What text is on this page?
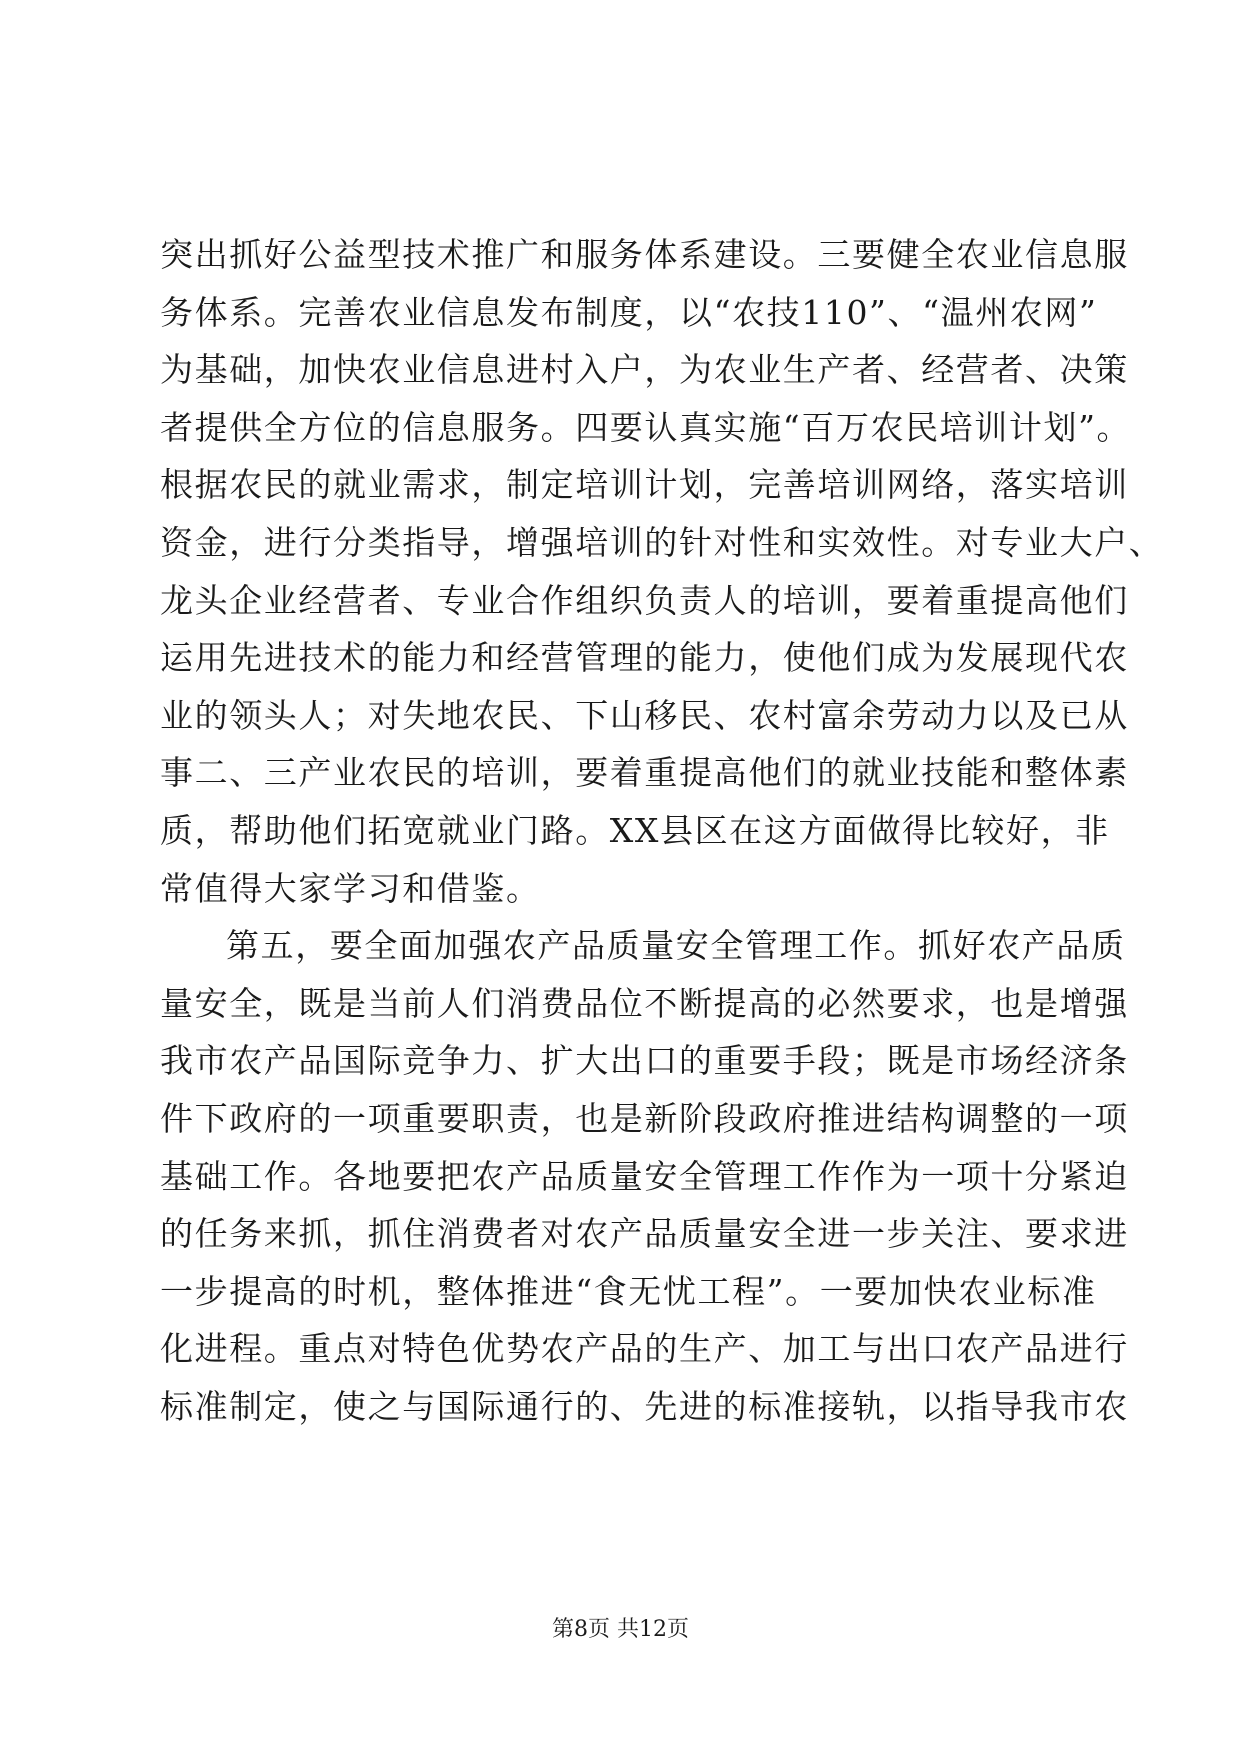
突出抓好公益型技术推广和服务体系建设。三要健全农业信息服
务体系。完善农业信息发布制度，以“农技110”、“温州农网”
为基础，加快农业信息进村入户，为农业生产者、经营者、决策
者提供全方位的信息服务。四要认真实施“百万农民培训计划”。
根据农民的就业需求，制定培训计划，完善培训网络，落实培训
资金，进行分类指导，增强培训的针对性和实效性。对专业大户、
龙头企业经营者、专业合作组织负责人的培训，要着重提高他们
运用先进技术的能力和经营管理的能力，使他们成为发展现代农
业的领头人；对失地农民、下山移民、农村富余劳动力以及已从
事二、三产业农民的培训，要着重提高他们的就业技能和整体素
质，帮助他们拓宽就业门路。XX县区在这方面做得比较好，非
常值得大家学习和借鉴。
第五，要全面加强农产品质量安全管理工作。抓好农产品质
量安全，既是当前人们消费品位不断提高的必然要求，也是增强
我市农产品国际竞争力、扩大出口的重要手段；既是市场经济条
件下政府的一项重要职责，也是新阶段政府推进结构调整的一项
基础工作。各地要把农产品质量安全管理工作作为一项十分紧迫
的任务来抓，抓住消费者对农产品质量安全进一步关注、要求进
一步提高的时机，整体推进“食无忧工程”。一要加快农业标准
化进程。重点对特色优势农产品的生产、加工与出口农产品进行
标准制定，使之与国际通行的、先进的标准接轨，以指导我市农
第8页 共12页
